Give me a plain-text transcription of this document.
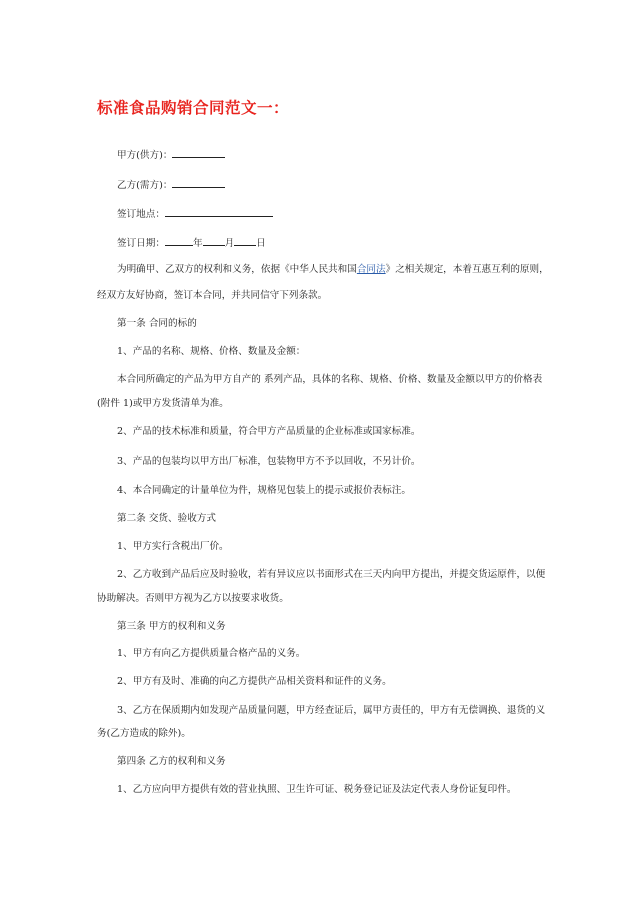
标准食品购销合同范文一：
甲方(供方)：
乙方(需方)：
签订地点：
签订日期：	年 月 日
为明确甲、乙双方的权利和义务，依据《中华人民共和国合同法》之相关规定，本着互惠互利的原则，
经双方友好协商，签订本合同，并共同信守下列条款。
第一条 合同的标的
1、产品的名称、规格、价格、数量及金额：
本合同所确定的产品为甲方自产的 系列产品，具体的名称、规格、价格、数量及金额以甲方的价格表
(附件 1)或甲方发货清单为准。
2、产品的技术标准和质量，符合甲方产品质量的企业标准或国家标准。
3、产品的包装均以甲方出厂标准，包装物甲方不予以回收，不另计价。
4、本合同确定的计量单位为件，规格见包装上的提示或报价表标注。
第二条 交货、验收方式
1、甲方实行含税出厂价。
2、乙方收到产品后应及时验收，若有异议应以书面形式在三天内向甲方提出，并提交货运原件，以便
协助解决。否则甲方视为乙方以按要求收货。
第三条 甲方的权利和义务
1、甲方有向乙方提供质量合格产品的义务。
2、甲方有及时、准确的向乙方提供产品相关资料和证件的义务。
3、乙方在保质期内如发现产品质量问题，甲方经查证后，属甲方责任的，甲方有无偿调换、退货的义
务(乙方造成的除外)。
第四条 乙方的权利和义务
1、乙方应向甲方提供有效的营业执照、卫生许可证、税务登记证及法定代表人身份证复印件。
